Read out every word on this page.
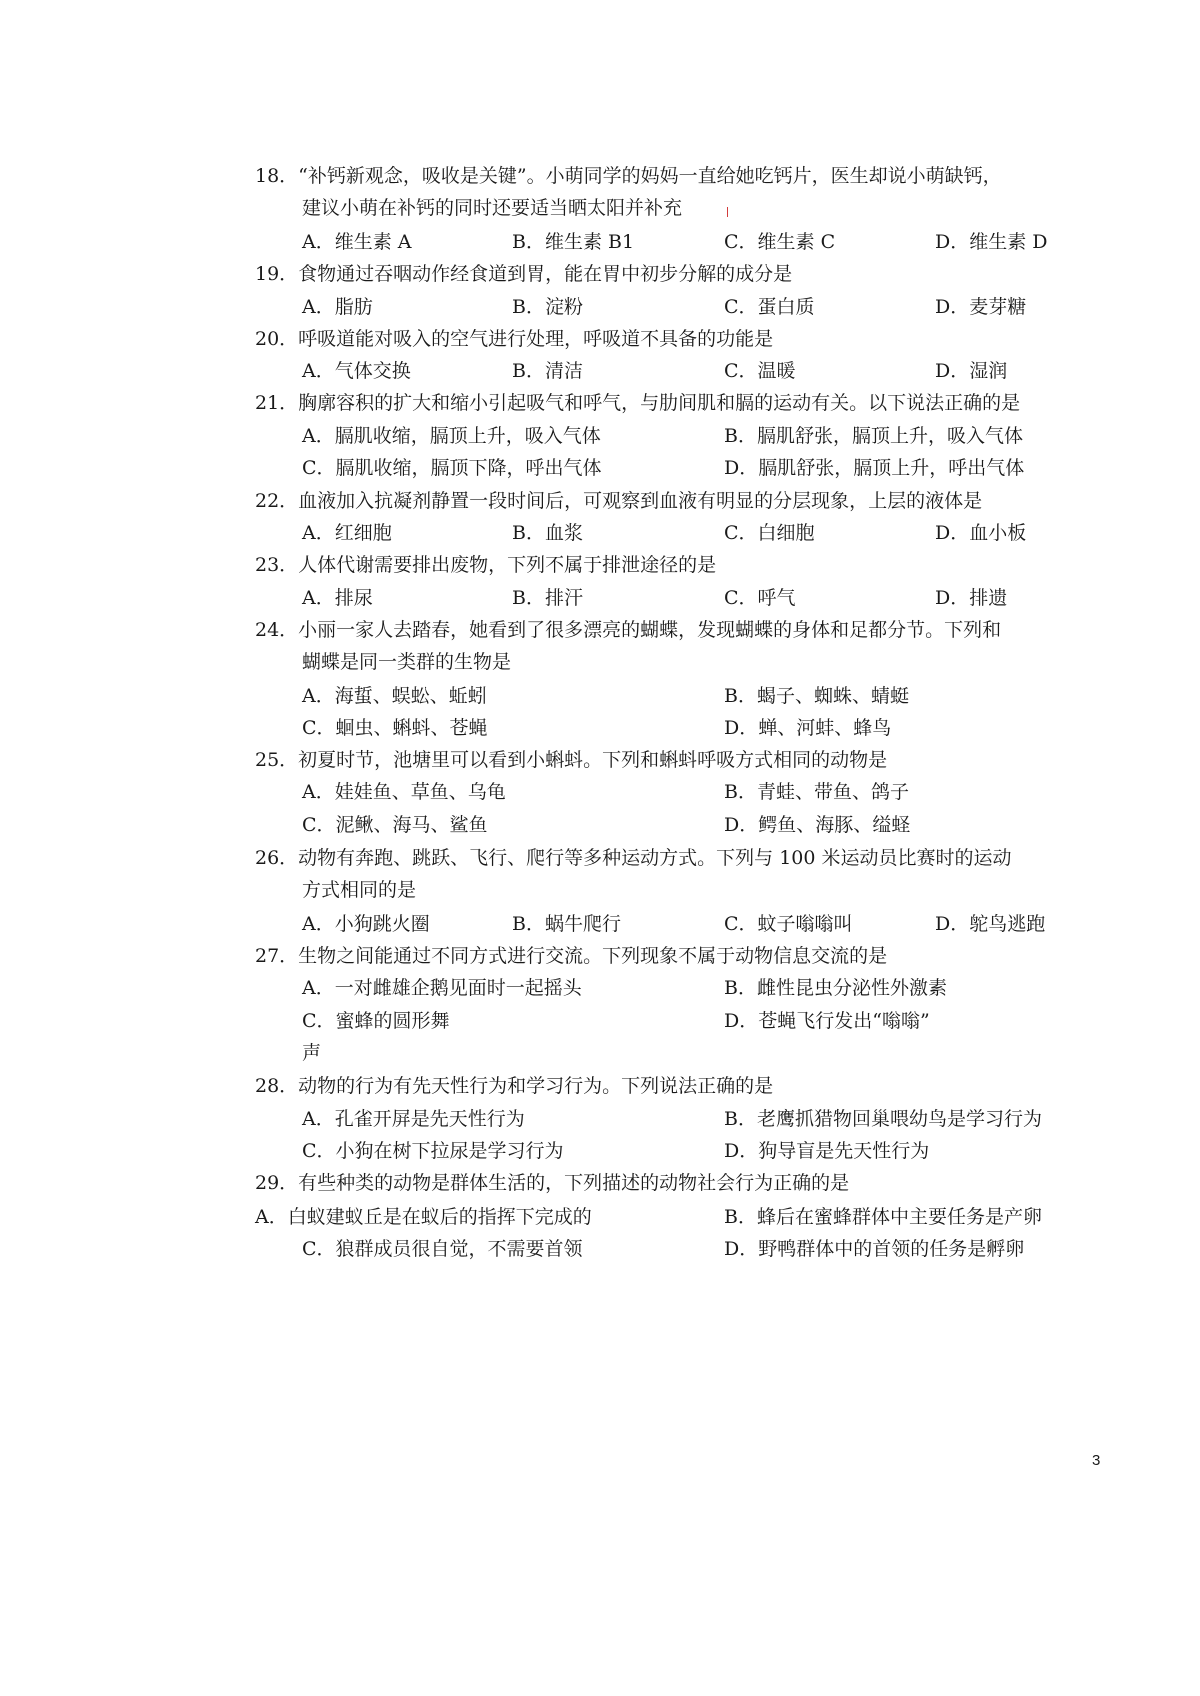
18．“补钙新观念，吸收是关键”。小萌同学的妈妈一直给她吃钙片，医生却说小萌缺钙，
建议小萌在补钙的同时还要适当晒太阳并补充
A．维生素 A	B．维生素 B1	C．维生素 C	D．维生素 D
19．食物通过吞咽动作经食道到胃，能在胃中初步分解的成分是
A．脂肪	B．淀粉	C．蛋白质	D．麦芽糖
20．呼吸道能对吸入的空气进行处理，呼吸道不具备的功能是
A．气体交换	B．清洁	C．温暖	D．湿润
21．胸廓容积的扩大和缩小引起吸气和呼气，与肋间肌和膈的运动有关。以下说法正确的是
A．膈肌收缩，膈顶上升，吸入气体	B．膈肌舒张，膈顶上升，吸入气体
C．膈肌收缩，膈顶下降，呼出气体	D．膈肌舒张，膈顶上升，呼出气体
22．血液加入抗凝剂静置一段时间后，可观察到血液有明显的分层现象，上层的液体是
A．红细胞	B．血浆	C．白细胞	D．血小板
23．人体代谢需要排出废物，下列不属于排泄途径的是
A．排尿	B．排汗	C．呼气	D．排遗
24．小丽一家人去踏春，她看到了很多漂亮的蝴蝶，发现蝴蝶的身体和足都分节。下列和
蝴蝶是同一类群的生物是
A．海蜇、蜈蚣、蚯蚓	B．蝎子、蜘蛛、蜻蜓
C．蛔虫、蝌蚪、苍蝇	D．蝉、河蚌、蜂鸟
25．初夏时节，池塘里可以看到小蝌蚪。下列和蝌蚪呼吸方式相同的动物是
A．娃娃鱼、草鱼、乌龟	B．青蛙、带鱼、鸽子
C．泥鳅、海马、鲨鱼	D．鳄鱼、海豚、缢蛏
26．动物有奔跑、跳跃、飞行、爬行等多种运动方式。下列与 100 米运动员比赛时的运动
方式相同的是
A．小狗跳火圈	B．蜗牛爬行	C．蚊子嗡嗡叫	D．鸵鸟逃跑
27．生物之间能通过不同方式进行交流。下列现象不属于动物信息交流的是
A．一对雌雄企鹅见面时一起摇头	B．雌性昆虫分泌性外激素
C．蜜蜂的圆形舞	D．苍蝇飞行发出“嗡嗡”
声
28．动物的行为有先天性行为和学习行为。下列说法正确的是
A．孔雀开屏是先天性行为	B．老鹰抓猎物回巢喂幼鸟是学习行为
C．小狗在树下拉尿是学习行为	D．狗导盲是先天性行为
29．有些种类的动物是群体生活的，下列描述的动物社会行为正确的是
A．白蚁建蚁丘是在蚁后的指挥下完成的	B．蜂后在蜜蜂群体中主要任务是产卵
C．狼群成员很自觉，不需要首领	D．野鸭群体中的首领的任务是孵卵
3
